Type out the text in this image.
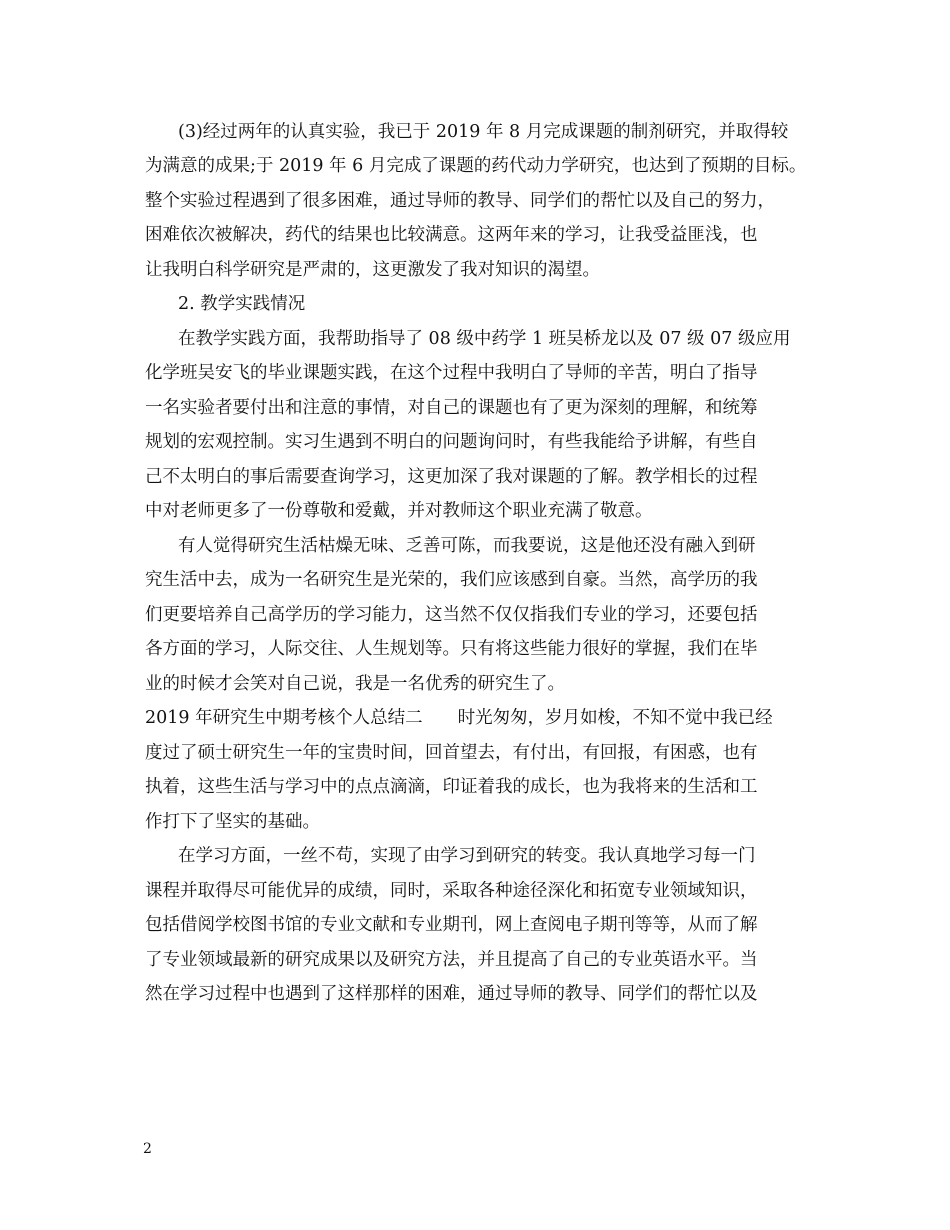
(3)经过两年的认真实验，我已于 2019 年 8 月完成课题的制剂研究，并取得较
为满意的成果;于 2019 年 6 月完成了课题的药代动力学研究，也达到了预期的目标。
整个实验过程遇到了很多困难，通过导师的教导、同学们的帮忙以及自己的努力，
困难依次被解决，药代的结果也比较满意。这两年来的学习，让我受益匪浅，也
让我明白科学研究是严肃的，这更激发了我对知识的渴望。
2. 教学实践情况
在教学实践方面，我帮助指导了 08 级中药学 1 班吴桥龙以及 07 级 07 级应用
化学班吴安飞的毕业课题实践，在这个过程中我明白了导师的辛苦，明白了指导
一名实验者要付出和注意的事情，对自己的课题也有了更为深刻的理解，和统筹
规划的宏观控制。实习生遇到不明白的问题询问时，有些我能给予讲解，有些自
己不太明白的事后需要查询学习，这更加深了我对课题的了解。教学相长的过程
中对老师更多了一份尊敬和爱戴，并对教师这个职业充满了敬意。
有人觉得研究生活枯燥无味、乏善可陈，而我要说，这是他还没有融入到研
究生活中去，成为一名研究生是光荣的，我们应该感到自豪。当然，高学历的我
们更要培养自己高学历的学习能力，这当然不仅仅指我们专业的学习，还要包括
各方面的学习，人际交往、人生规划等。只有将这些能力很好的掌握，我们在毕
业的时候才会笑对自己说，我是一名优秀的研究生了。
2019 年研究生中期考核个人总结二　　时光匆匆，岁月如梭，不知不觉中我已经
度过了硕士研究生一年的宝贵时间，回首望去，有付出，有回报，有困惑，也有
执着，这些生活与学习中的点点滴滴，印证着我的成长，也为我将来的生活和工
作打下了坚实的基础。
在学习方面，一丝不苟，实现了由学习到研究的转变。我认真地学习每一门
课程并取得尽可能优异的成绩，同时，采取各种途径深化和拓宽专业领域知识，
包括借阅学校图书馆的专业文献和专业期刊，网上查阅电子期刊等等，从而了解
了专业领域最新的研究成果以及研究方法，并且提高了自己的专业英语水平。当
然在学习过程中也遇到了这样那样的困难，通过导师的教导、同学们的帮忙以及
2
